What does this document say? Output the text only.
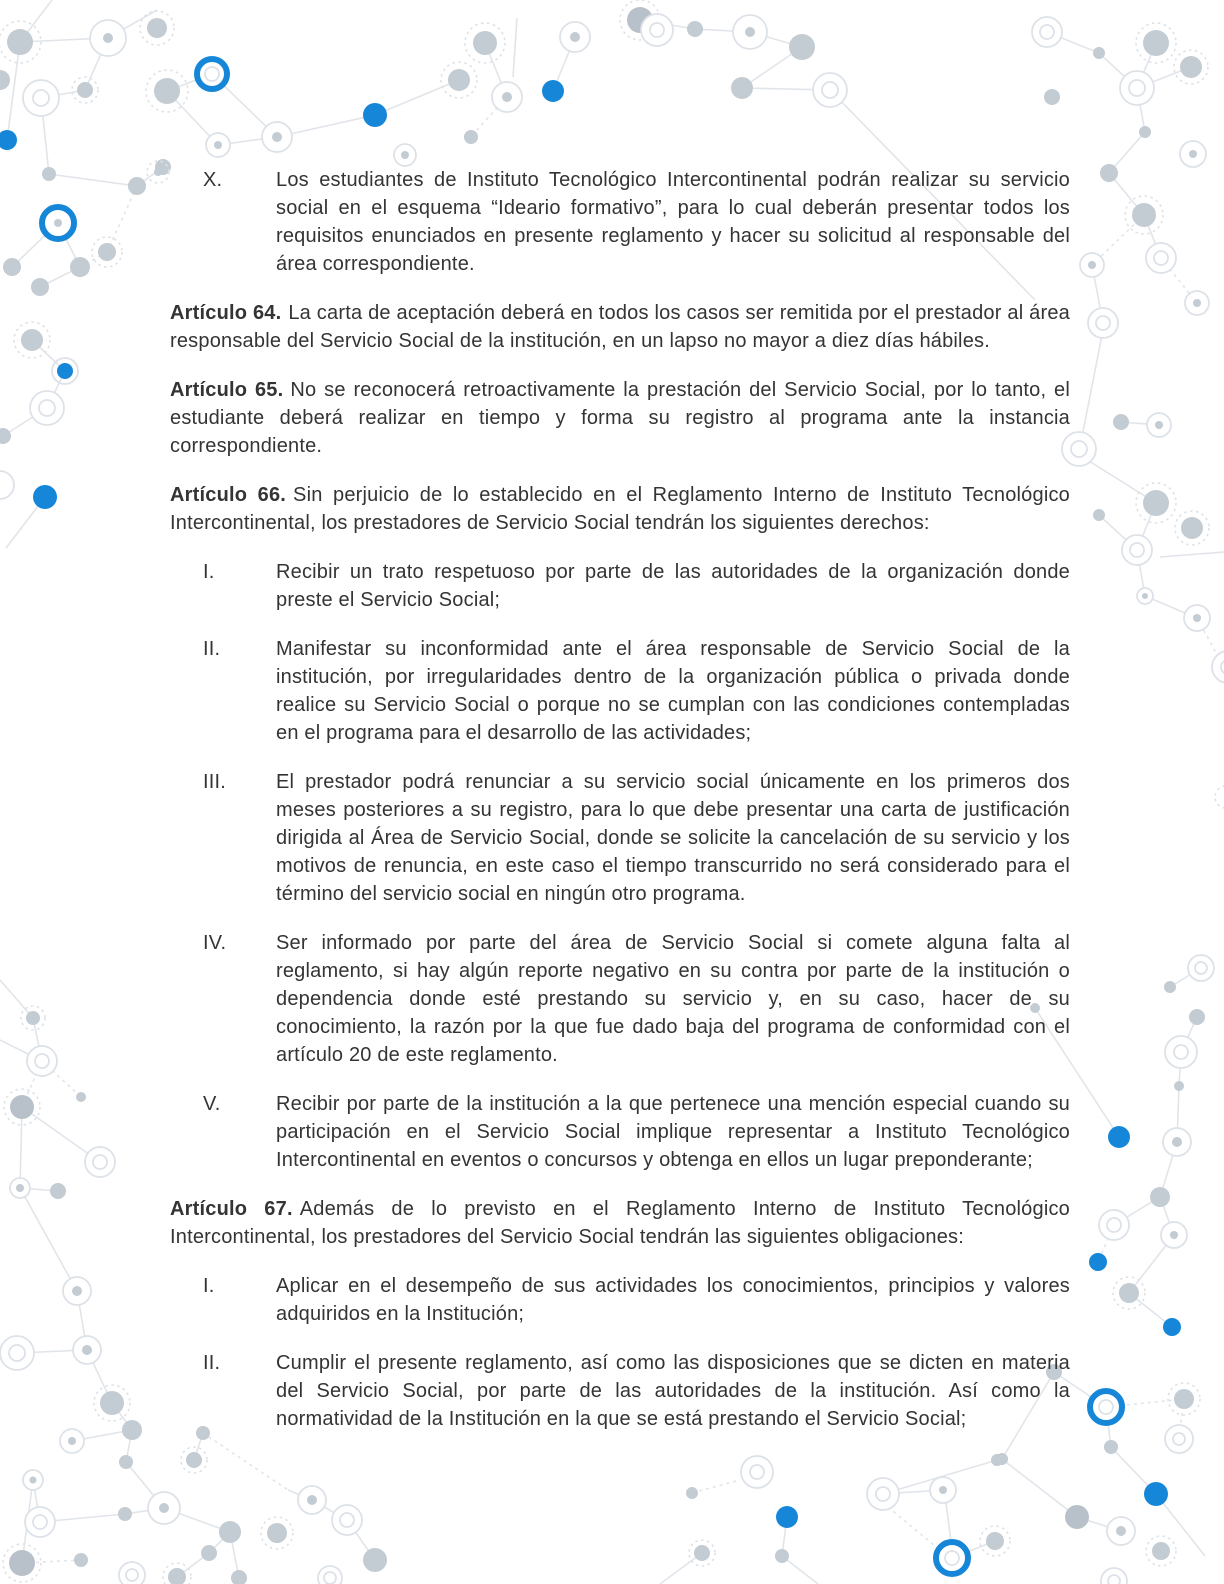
X.	Los estudiantes de Instituto Tecnológico Intercontinental podrán realizar su servicio social en el esquema “Ideario formativo”, para lo cual deberán presentar todos los requisitos enunciados en presente reglamento y hacer su solicitud al responsable del área correspondiente.

Artículo 64. La carta de aceptación deberá en todos los casos ser remitida por el prestador al área responsable del Servicio Social de la institución, en un lapso no mayor a diez días hábiles.

Artículo 65. No se reconocerá retroactivamente la prestación del Servicio Social, por lo tanto, el estudiante deberá realizar en tiempo y forma su registro al programa ante la instancia correspondiente.

Artículo 66. Sin perjuicio de lo establecido en el Reglamento Interno de Instituto Tecnológico Intercontinental, los prestadores de Servicio Social tendrán los siguientes derechos:

I.	Recibir un trato respetuoso por parte de las autoridades de la organización donde preste el Servicio Social;

II.	Manifestar su inconformidad ante el área responsable de Servicio Social de la institución, por irregularidades dentro de la organización pública o privada donde realice su Servicio Social o porque no se cumplan con las condiciones contempladas en el programa para el desarrollo de las actividades;

III.	El prestador podrá renunciar a su servicio social únicamente en los primeros dos meses posteriores a su registro, para lo que debe presentar una carta de justificación dirigida al Área de Servicio Social, donde se solicite la cancelación de su servicio y los motivos de renuncia, en este caso el tiempo transcurrido no será considerado para el término del servicio social en ningún otro programa.

IV.	Ser informado por parte del área de Servicio Social si comete alguna falta al reglamento, si hay algún reporte negativo en su contra por parte de la institución o dependencia donde esté prestando su servicio y, en su caso, hacer de su conocimiento, la razón por la que fue dado baja del programa de conformidad con el artículo 20 de este reglamento.

V.	Recibir por parte de la institución a la que pertenece una mención especial cuando su participación en el Servicio Social implique representar a Instituto Tecnológico Intercontinental en eventos o concursos y obtenga en ellos un lugar preponderante;

Artículo 67. Además de lo previsto en el Reglamento Interno de Instituto Tecnológico Intercontinental, los prestadores del Servicio Social tendrán las siguientes obligaciones:

I.	Aplicar en el desempeño de sus actividades los conocimientos, principios y valores adquiridos en la Institución;

II.	Cumplir el presente reglamento, así como las disposiciones que se dicten en materia del Servicio Social, por parte de las autoridades de la institución. Así como la normatividad de la Institución en la que se está prestando el Servicio Social;
